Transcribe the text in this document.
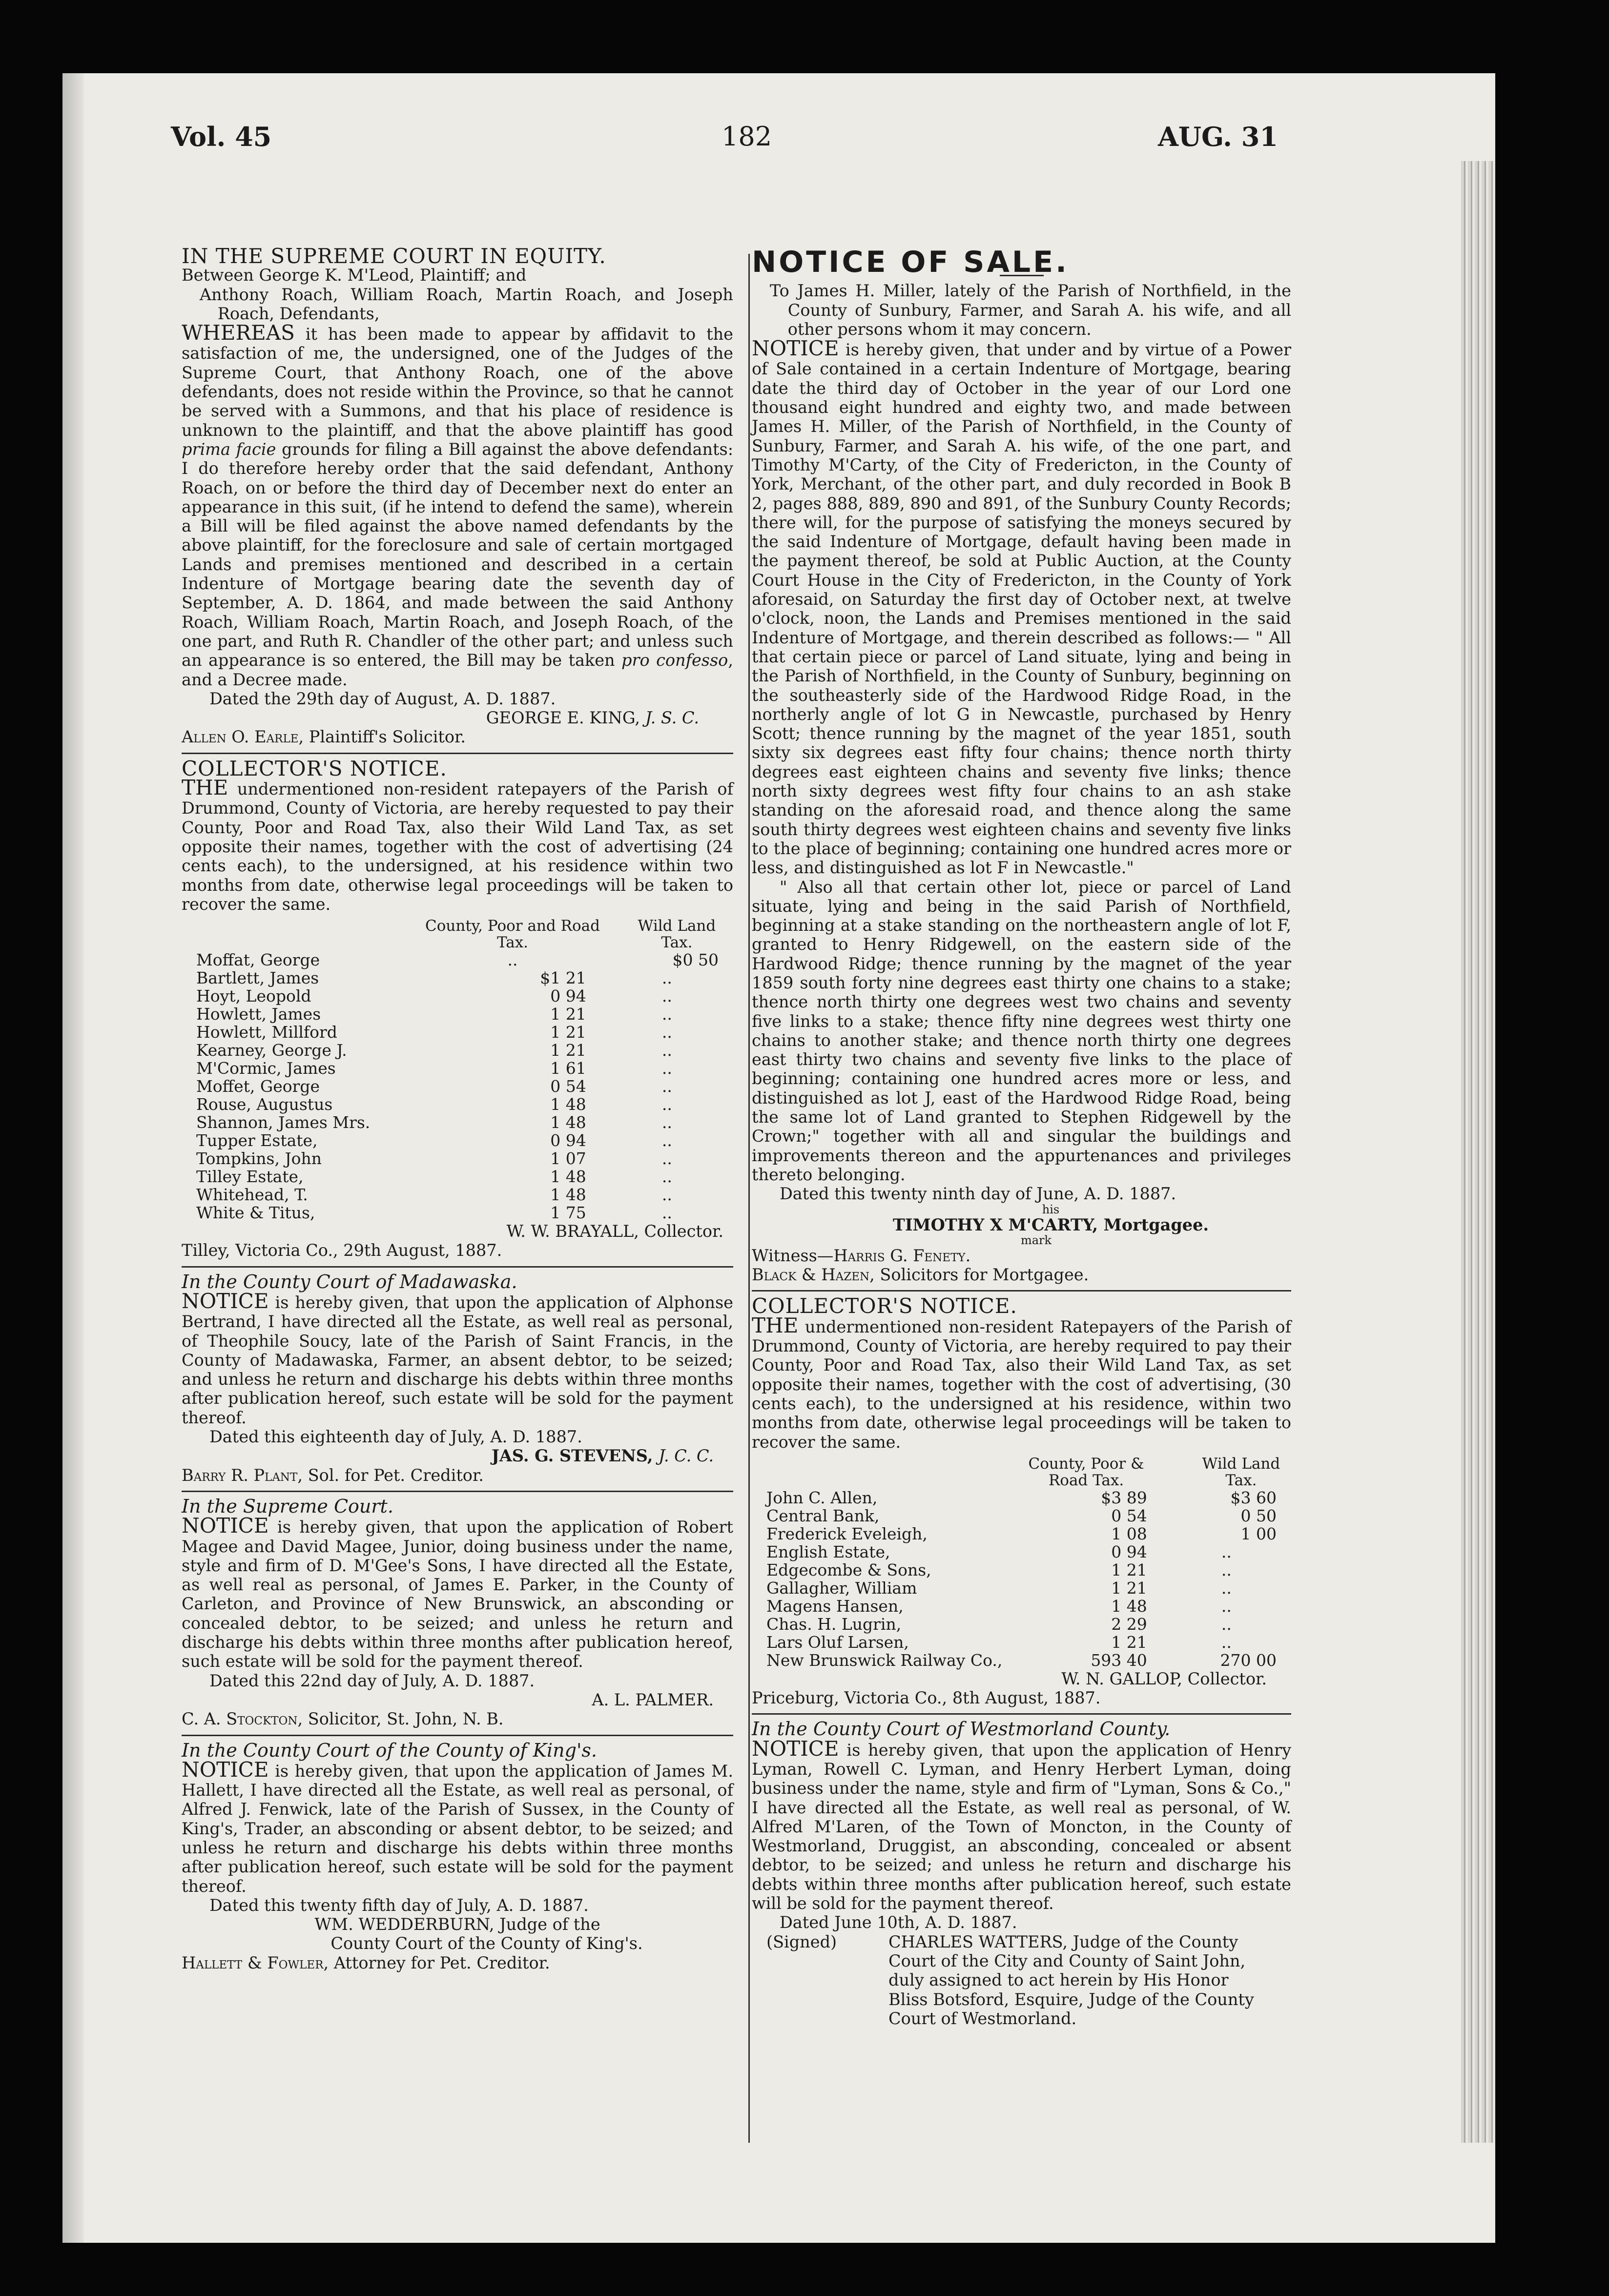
Vol. 45	182	AUG. 31

IN THE SUPREME COURT IN EQUITY.

Between George K. M'Leod, Plaintiff; and

Anthony Roach, William Roach, Martin Roach, and Joseph Roach, Defendants,

WHEREAS it has been made to appear by affidavit to the satisfaction of me, the undersigned, one of the Judges of the Supreme Court, that Anthony Roach, one of the above defendants, does not reside within the Province, so that he cannot be served with a Summons, and that his place of residence is unknown to the plaintiff, and that the above plaintiff has good prima facie grounds for filing a Bill against the above defendants: I do therefore hereby order that the said defendant, Anthony Roach, on or before the third day of December next do enter an appearance in this suit, (if he intend to defend the same), wherein a Bill will be filed against the above named defendants by the above plaintiff, for the foreclosure and sale of certain mortgaged Lands and premises mentioned and described in a certain Indenture of Mortgage bearing date the seventh day of September, A. D. 1864, and made between the said Anthony Roach, William Roach, Martin Roach, and Joseph Roach, of the one part, and Ruth R. Chandler of the other part; and unless such an appearance is so entered, the Bill may be taken pro confesso, and a Decree made.

Dated the 29th day of August, A. D. 1887.

GEORGE E. KING, J. S. C.

Allen O. Earle, Plaintiff's Solicitor.

COLLECTOR'S NOTICE.

THE undermentioned non-resident ratepayers of the Parish of Drummond, County of Victoria, are hereby requested to pay their County, Poor and Road Tax, also their Wild Land Tax, as set opposite their names, together with the cost of advertising (24 cents each), to the undersigned, at his residence within two months from date, otherwise legal proceedings will be taken to recover the same.

	County, Poor and Road Tax.	Wild Land Tax.
Moffat, George	..	$0 50
Bartlett, James	$1 21	..
Hoyt, Leopold	0 94	..
Howlett, James	1 21	..
Howlett, Millford	1 21	..
Kearney, George J.	1 21	..
M'Cormic, James	1 61	..
Moffet, George	0 54	..
Rouse, Augustus	1 48	..
Shannon, James Mrs.	1 48	..
Tupper Estate,	0 94	..
Tompkins, John	1 07	..
Tilley Estate,	1 48	..
Whitehead, T.	1 48	..
White & Titus,	1 75	..

W. W. BRAYALL, Collector.

Tilley, Victoria Co., 29th August, 1887.

In the County Court of Madawaska.

NOTICE is hereby given, that upon the application of Alphonse Bertrand, I have directed all the Estate, as well real as personal, of Theophile Soucy, late of the Parish of Saint Francis, in the County of Madawaska, Farmer, an absent debtor, to be seized; and unless he return and discharge his debts within three months after publication hereof, such estate will be sold for the payment thereof.

Dated this eighteenth day of July, A. D. 1887.

JAS. G. STEVENS, J. C. C.

Barry R. Plant, Sol. for Pet. Creditor.

In the Supreme Court.

NOTICE is hereby given, that upon the application of Robert Magee and David Magee, Junior, doing business under the name, style and firm of D. M'Gee's Sons, I have directed all the Estate, as well real as personal, of James E. Parker, in the County of Carleton, and Province of New Brunswick, an absconding or concealed debtor, to be seized; and unless he return and discharge his debts within three months after publication hereof, such estate will be sold for the payment thereof.

Dated this 22nd day of July, A. D. 1887.

A. L. PALMER.

C. A. Stockton, Solicitor, St. John, N. B.

In the County Court of the County of King's.

NOTICE is hereby given, that upon the application of James M. Hallett, I have directed all the Estate, as well real as personal, of Alfred J. Fenwick, late of the Parish of Sussex, in the County of King's, Trader, an absconding or absent debtor, to be seized; and unless he return and discharge his debts within three months after publication hereof, such estate will be sold for the payment thereof.

Dated this twenty fifth day of July, A. D. 1887.

WM. WEDDERBURN, Judge of the

County Court of the County of King's.

Hallett & Fowler, Attorney for Pet. Creditor.

NOTICE OF SALE.

To James H. Miller, lately of the Parish of Northfield, in the County of Sunbury, Farmer, and Sarah A. his wife, and all other persons whom it may concern.

NOTICE is hereby given, that under and by virtue of a Power of Sale contained in a certain Indenture of Mortgage, bearing date the third day of October in the year of our Lord one thousand eight hundred and eighty two, and made between James H. Miller, of the Parish of Northfield, in the County of Sunbury, Farmer, and Sarah A. his wife, of the one part, and Timothy M'Carty, of the City of Fredericton, in the County of York, Merchant, of the other part, and duly recorded in Book B 2, pages 888, 889, 890 and 891, of the Sunbury County Records; there will, for the purpose of satisfying the moneys secured by the said Indenture of Mortgage, default having been made in the payment thereof, be sold at Public Auction, at the County Court House in the City of Fredericton, in the County of York aforesaid, on Saturday the first day of October next, at twelve o'clock, noon, the Lands and Premises mentioned in the said Indenture of Mortgage, and therein described as follows:— " All that certain piece or parcel of Land situate, lying and being in the Parish of Northfield, in the County of Sunbury, beginning on the southeasterly side of the Hardwood Ridge Road, in the northerly angle of lot G in Newcastle, purchased by Henry Scott; thence running by the magnet of the year 1851, south sixty six degrees east fifty four chains; thence north thirty degrees east eighteen chains and seventy five links; thence north sixty degrees west fifty four chains to an ash stake standing on the aforesaid road, and thence along the same south thirty degrees west eighteen chains and seventy five links to the place of beginning; containing one hundred acres more or less, and distinguished as lot F in Newcastle."

" Also all that certain other lot, piece or parcel of Land situate, lying and being in the said Parish of Northfield, beginning at a stake standing on the northeastern angle of lot F, granted to Henry Ridgewell, on the eastern side of the Hardwood Ridge; thence running by the magnet of the year 1859 south forty nine degrees east thirty one chains to a stake; thence north thirty one degrees west two chains and seventy five links to a stake; thence fifty nine degrees west thirty one chains to another stake; and thence north thirty one degrees east thirty two chains and seventy five links to the place of beginning; containing one hundred acres more or less, and distinguished as lot J, east of the Hardwood Ridge Road, being the same lot of Land granted to Stephen Ridgewell by the Crown;" together with all and singular the buildings and improvements thereon and the appurtenances and privileges thereto belonging.

Dated this twenty ninth day of June, A. D. 1887.

his

TIMOTHY X M'CARTY, Mortgagee.

mark

Witness—Harris G. Fenety.

Black & Hazen, Solicitors for Mortgagee.

COLLECTOR'S NOTICE.

THE undermentioned non-resident Ratepayers of the Parish of Drummond, County of Victoria, are hereby required to pay their County, Poor and Road Tax, also their Wild Land Tax, as set opposite their names, together with the cost of advertising, (30 cents each), to the undersigned at his residence, within two months from date, otherwise legal proceedings will be taken to recover the same.

	County, Poor & Road Tax.	Wild Land Tax.
John C. Allen,	$3 89	$3 60
Central Bank,	0 54	0 50
Frederick Eveleigh,	1 08	1 00
English Estate,	0 94	..
Edgecombe & Sons,	1 21	..
Gallagher, William	1 21	..
Magens Hansen,	1 48	..
Chas. H. Lugrin,	2 29	..
Lars Oluf Larsen,	1 21	..
New Brunswick Railway Co.,	593 40	270 00

W. N. GALLOP, Collector.

Priceburg, Victoria Co., 8th August, 1887.

In the County Court of Westmorland County.

NOTICE is hereby given, that upon the application of Henry Lyman, Rowell C. Lyman, and Henry Herbert Lyman, doing business under the name, style and firm of "Lyman, Sons & Co.," I have directed all the Estate, as well real as personal, of W. Alfred M'Laren, of the Town of Moncton, in the County of Westmorland, Druggist, an absconding, concealed or absent debtor, to be seized; and unless he return and discharge his debts within three months after publication hereof, such estate will be sold for the payment thereof.

Dated June 10th, A. D. 1887.

(Signed)	CHARLES WATTERS, Judge of the County Court of the City and County of Saint John, duly assigned to act herein by His Honor Bliss Botsford, Esquire, Judge of the County Court of Westmorland.
